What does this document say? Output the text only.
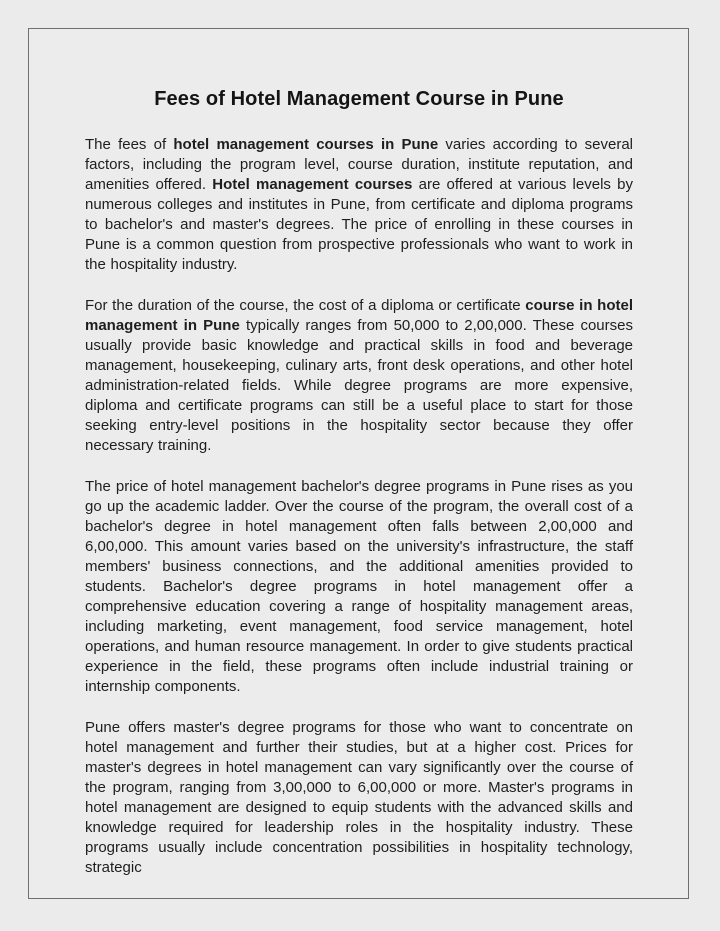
Fees of Hotel Management Course in Pune

The fees of hotel management courses in Pune varies according to several factors, including the program level, course duration, institute reputation, and amenities offered. Hotel management courses are offered at various levels by numerous colleges and institutes in Pune, from certificate and diploma programs to bachelor's and master's degrees. The price of enrolling in these courses in Pune is a common question from prospective professionals who want to work in the hospitality industry.

For the duration of the course, the cost of a diploma or certificate course in hotel management in Pune typically ranges from 50,000 to 2,00,000. These courses usually provide basic knowledge and practical skills in food and beverage management, housekeeping, culinary arts, front desk operations, and other hotel administration-related fields. While degree programs are more expensive, diploma and certificate programs can still be a useful place to start for those seeking entry-level positions in the hospitality sector because they offer necessary training.

The price of hotel management bachelor's degree programs in Pune rises as you go up the academic ladder. Over the course of the program, the overall cost of a bachelor's degree in hotel management often falls between 2,00,000 and 6,00,000. This amount varies based on the university's infrastructure, the staff members' business connections, and the additional amenities provided to students. Bachelor's degree programs in hotel management offer a comprehensive education covering a range of hospitality management areas, including marketing, event management, food service management, hotel operations, and human resource management. In order to give students practical experience in the field, these programs often include industrial training or internship components.

Pune offers master's degree programs for those who want to concentrate on hotel management and further their studies, but at a higher cost. Prices for master's degrees in hotel management can vary significantly over the course of the program, ranging from 3,00,000 to 6,00,000 or more. Master's programs in hotel management are designed to equip students with the advanced skills and knowledge required for leadership roles in the hospitality industry. These programs usually include concentration possibilities in hospitality technology, strategic
